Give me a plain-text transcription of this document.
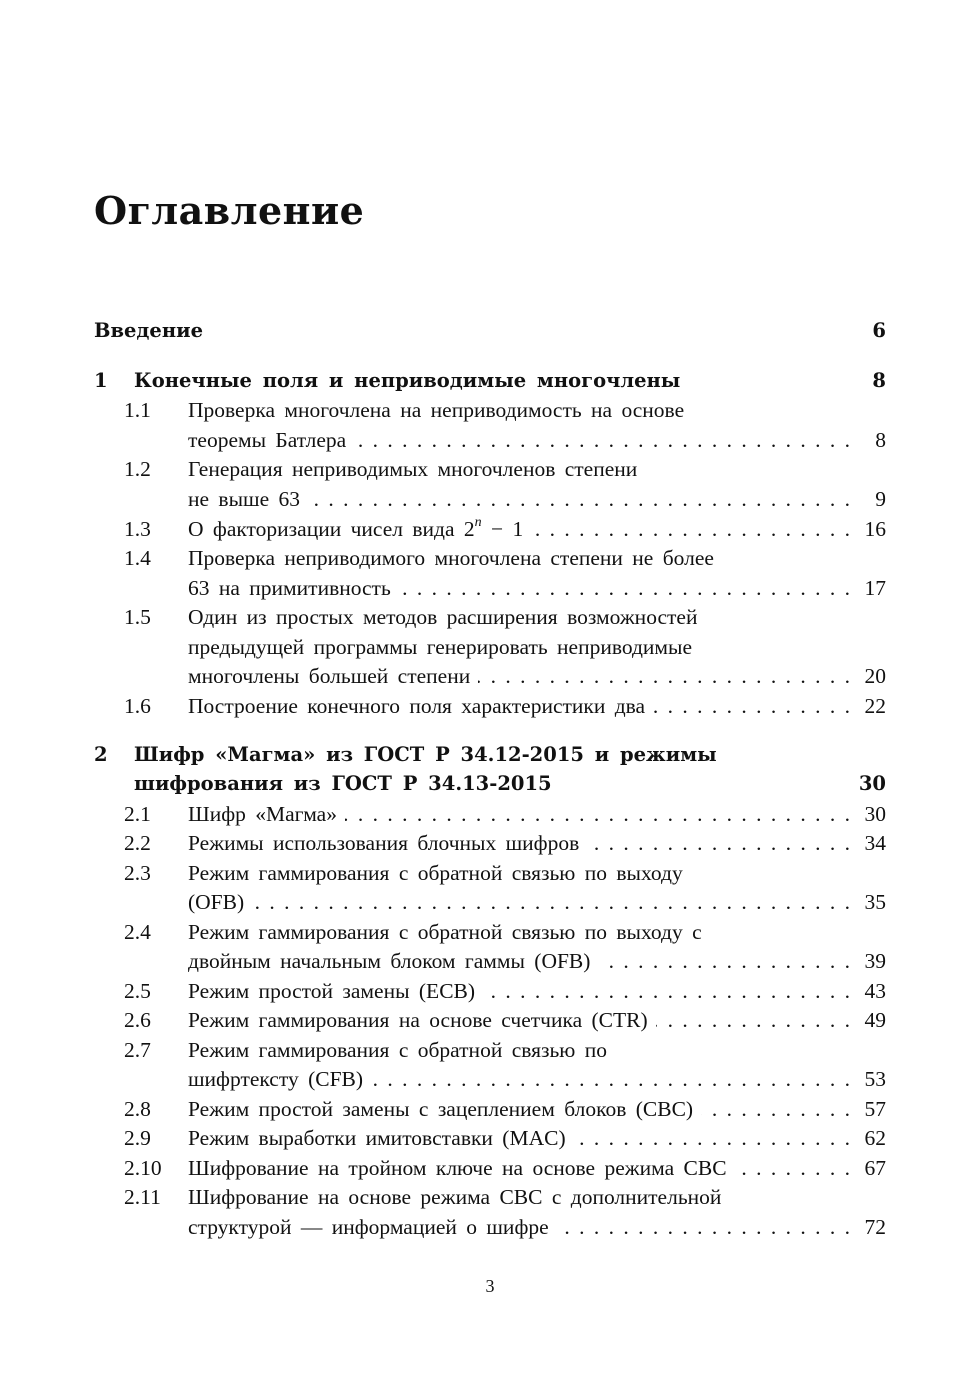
Оглавление
Введение	6
1 Конечные поля и неприводимые многочлены	8
1.1 Проверка многочлена на неприводимость на основе
теоремы Батлера . . .	8
1.2 Генерация неприводимых многочленов степени
не выше 63 . . .	9
1.3 О факторизации чисел вида $2^n - 1$ . . .	16
1.4 Проверка неприводимого многочлена степени не более
63 на примитивность . . .	17
1.5 Один из простых методов расширения возможностей
предыдущей программы генерировать неприводимые
многочлены большей степени . . .	20
1.6 Построение конечного поля характеристики два . . .	22
2 Шифр «Магма» из ГОСТ Р 34.12-2015 и режимы
шифрования из ГОСТ Р 34.13-2015	30
2.1 Шифр «Магма» . . .	30
2.2 Режимы использования блочных шифров . . .	34
2.3 Режим гаммирования с обратной связью по выходу
(OFB) . . .	35
2.4 Режим гаммирования с обратной связью по выходу с
двойным начальным блоком гаммы (OFB) . . .	39
2.5 Режим простой замены (ECB) . . .	43
2.6 Режим гаммирования на основе счетчика (CTR) . . .	49
2.7 Режим гаммирования с обратной связью по
шифртексту (CFB) . . .	53
2.8 Режим простой замены с зацеплением блоков (CBC) . . .	57
2.9 Режим выработки имитовставки (MAC) . . .	62
2.10 Шифрование на тройном ключе на основе режима CBC . . .	67
2.11 Шифрование на основе режима CBC с дополнительной
структурой — информацией о шифре . . .	72
3
